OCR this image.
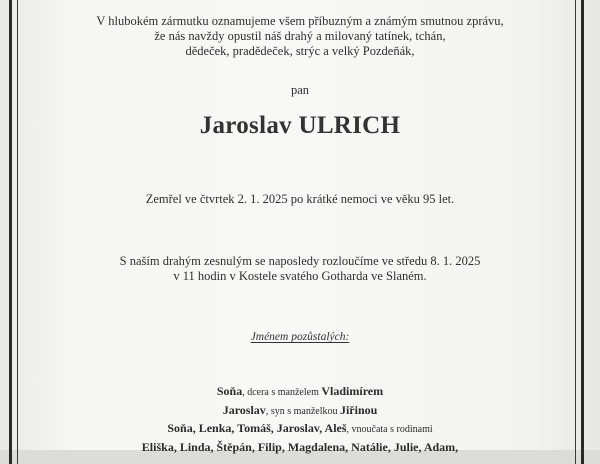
V hlubokém zármutku oznamujeme všem příbuzným a známým smutnou zprávu,
že nás navždy opustil náš drahý a milovaný tatínek, tchán,
dědeček, pradědeček, strýc a velký Pozdeňák,
pan
Jaroslav ULRICH
Zemřel ve čtvrtek 2. 1. 2025 po krátké nemoci ve věku 95 let.
S naším drahým zesnulým se naposledy rozloučíme ve středu 8. 1. 2025
v 11 hodin v Kostele svatého Gotharda ve Slaném.
Jménem pozůstalých:
Soňa, dcera s manželem Vladimírem
Jaroslav, syn s manželkou Jiřinou
Soňa, Lenka, Tomáš, Jaroslav, Aleš, vnoučata s rodinami
Eliška, Linda, Štěpán, Filip, Magdalena, Natálie, Julie, Adam,
